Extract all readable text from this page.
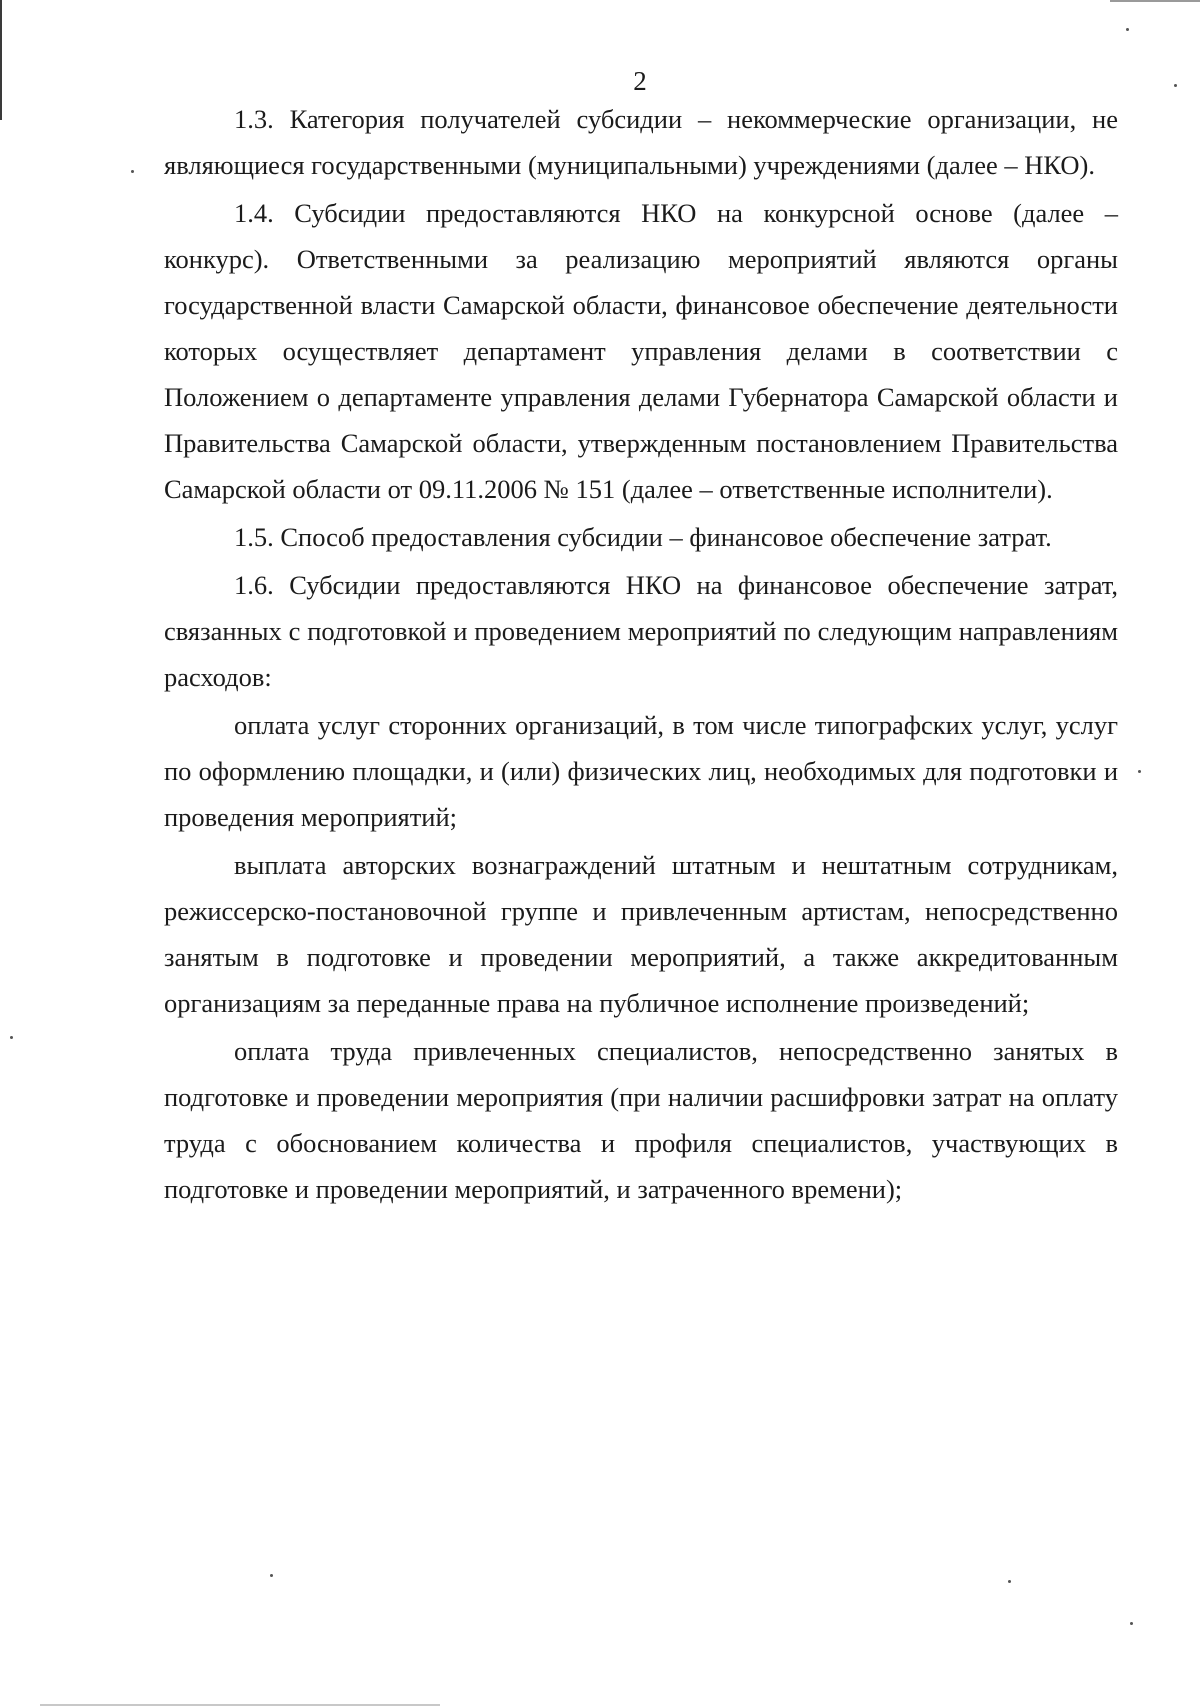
2

1.3. Категория получателей субсидии – некоммерческие организации, не являющиеся государственными (муниципальными) учреждениями (далее – НКО).

1.4. Субсидии предоставляются НКО на конкурсной основе (далее – конкурс). Ответственными за реализацию мероприятий являются органы государственной власти Самарской области, финансовое обеспечение деятельности которых осуществляет департамент управления делами в соответствии с Положением о департаменте управления делами Губернатора Самарской области и Правительства Самарской области, утвержденным постановлением Правительства Самарской области от 09.11.2006 № 151 (далее – ответственные исполнители).

1.5. Способ предоставления субсидии – финансовое обеспечение затрат.

1.6. Субсидии предоставляются НКО на финансовое обеспечение затрат, связанных с подготовкой и проведением мероприятий по следующим направлениям расходов:

оплата услуг сторонних организаций, в том числе типографских услуг, услуг по оформлению площадки, и (или) физических лиц, необходимых для подготовки и проведения мероприятий;

выплата авторских вознаграждений штатным и нештатным сотрудникам, режиссерско-постановочной группе и привлеченным артистам, непосредственно занятым в подготовке и проведении мероприятий, а также аккредитованным организациям за переданные права на публичное исполнение произведений;

оплата труда привлеченных специалистов, непосредственно занятых в подготовке и проведении мероприятия (при наличии расшифровки затрат на оплату труда с обоснованием количества и профиля специалистов, участвующих в подготовке и проведении мероприятий, и затраченного времени);
